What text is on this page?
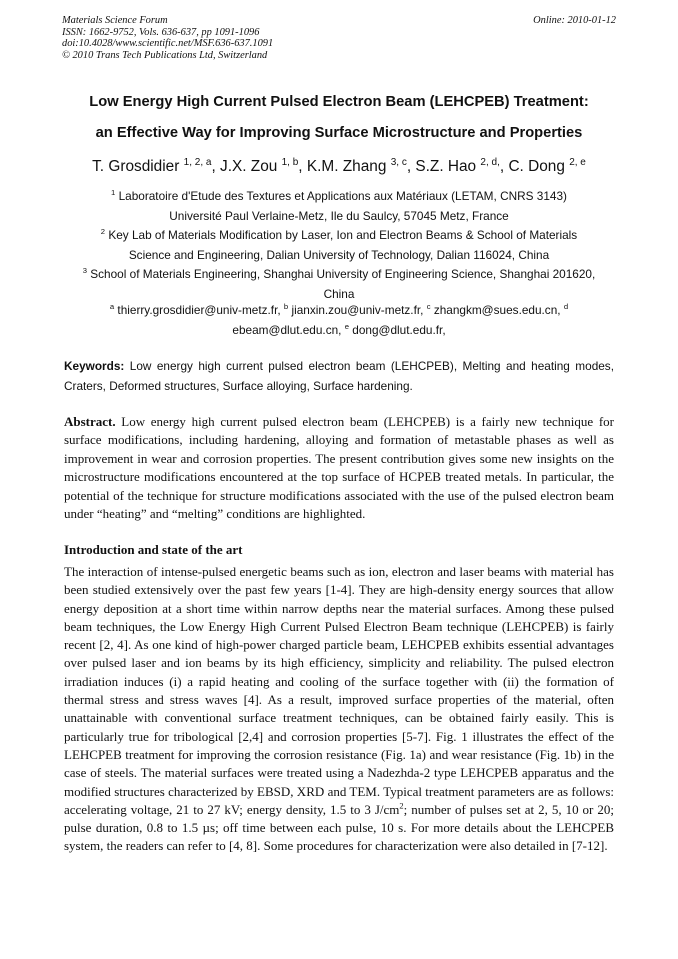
Materials Science Forum
ISSN: 1662-9752, Vols. 636-637, pp 1091-1096
doi:10.4028/www.scientific.net/MSF.636-637.1091
© 2010 Trans Tech Publications Ltd, Switzerland
Online: 2010-01-12
Low Energy High Current Pulsed Electron Beam (LEHCPEB) Treatment:
an Effective Way for Improving Surface Microstructure and Properties
T. Grosdidier $^{1, 2, a}$, J.X. Zou $^{1, b}$, K.M. Zhang $^{3, c}$, S.Z. Hao $^{2, d,}$, C. Dong $^{2, e}$
$^1$ Laboratoire d'Etude des Textures et Applications aux Matériaux (LETAM, CNRS 3143)
Université Paul Verlaine-Metz, Ile du Saulcy, 57045 Metz, France
$^2$ Key Lab of Materials Modification by Laser, Ion and Electron Beams & School of Materials
Science and Engineering, Dalian University of Technology, Dalian 116024, China
$^3$ School of Materials Engineering, Shanghai University of Engineering Science, Shanghai 201620,
China
$^a$ thierry.grosdidier@univ-metz.fr, $^b$ jianxin.zou@univ-metz.fr, $^c$ zhangkm@sues.edu.cn, $^d$
ebeam@dlut.edu.cn, $^e$ dong@dlut.edu.fr,
Keywords: Low energy high current pulsed electron beam (LEHCPEB), Melting and heating modes, Craters, Deformed structures, Surface alloying, Surface hardening.
Abstract. Low energy high current pulsed electron beam (LEHCPEB) is a fairly new technique for surface modifications, including hardening, alloying and formation of metastable phases as well as improvement in wear and corrosion properties. The present contribution gives some new insights on the microstructure modifications encountered at the top surface of HCPEB treated metals. In particular, the potential of the technique for structure modifications associated with the use of the pulsed electron beam under “heating” and “melting” conditions are highlighted.
Introduction and state of the art
The interaction of intense-pulsed energetic beams such as ion, electron and laser beams with material has been studied extensively over the past few years [1-4]. They are high-density energy sources that allow energy deposition at a short time within narrow depths near the material surfaces. Among these pulsed beam techniques, the Low Energy High Current Pulsed Electron Beam technique (LEHCPEB) is fairly recent [2, 4]. As one kind of high-power charged particle beam, LEHCPEB exhibits essential advantages over pulsed laser and ion beams by its high efficiency, simplicity and reliability. The pulsed electron irradiation induces (i) a rapid heating and cooling of the surface together with (ii) the formation of thermal stress and stress waves [4]. As a result, improved surface properties of the material, often unattainable with conventional surface treatment techniques, can be obtained fairly easily. This is particularly true for tribological [2,4] and corrosion properties [5-7]. Fig. 1 illustrates the effect of the LEHCPEB treatment for improving the corrosion resistance (Fig. 1a) and wear resistance (Fig. 1b) in the case of steels. The material surfaces were treated using a Nadezhda-2 type LEHCPEB apparatus and the modified structures characterized by EBSD, XRD and TEM. Typical treatment parameters are as follows: accelerating voltage, 21 to 27 kV; energy density, 1.5 to 3 $J/cm^2$; number of pulses set at 2, 5, 10 or 20; pulse duration, 0.8 to 1.5 µs; off time between each pulse, 10 s. For more details about the LEHCPEB system, the readers can refer to [4, 8]. Some procedures for characterization were also detailed in [7-12].
